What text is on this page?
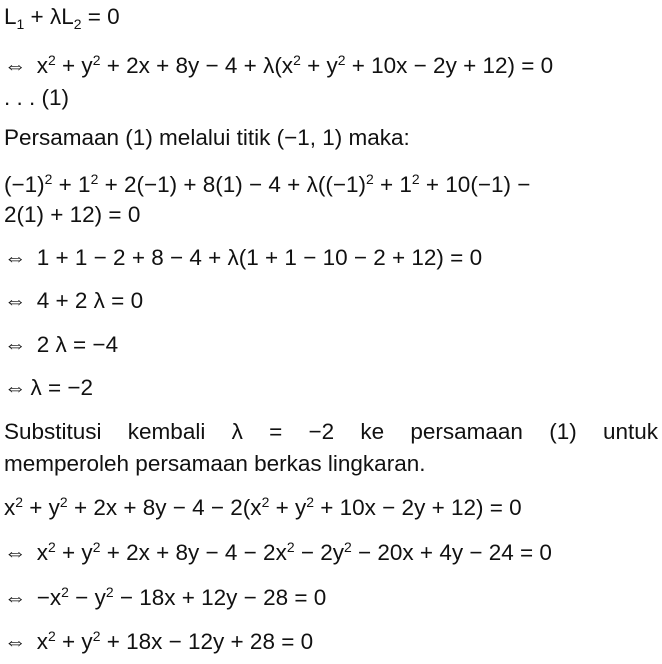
$L_1 + \lambda L_2 = 0$
⇔ $x^2 + y^2 + 2x + 8y - 4 + \lambda(x^2 + y^2 + 10x - 2y + 12) = 0$
. . . (1)
Persamaan (1) melalui titik (−1, 1) maka:
$(-1)^2 + 1^2 + 2(-1) + 8(1) - 4 + \lambda((-1)^2 + 1^2 + 10(-1)$ −
2(1) + 12) = 0
⇔ 1 + 1 − 2 + 8 − 4 + λ(1 + 1 − 10 − 2 + 12) = 0
⇔ 4 + 2 λ = 0
⇔ 2 λ = −4
⇔ λ = −2
Substitusi kembali λ = −2 ke persamaan (1) untuk
memperoleh persamaan berkas lingkaran.
$x^2 + y^2 + 2x + 8y - 4 - 2(x^2 + y^2 + 10x - 2y + 12) = 0$
⇔ $x^2 + y^2 + 2x + 8y - 4 - 2x^2 - 2y^2 - 20x + 4y - 24 = 0$
⇔ $-x^2 - y^2 - 18x + 12y - 28 = 0$
⇔ $x^2 + y^2 + 18x - 12y + 28 = 0$
